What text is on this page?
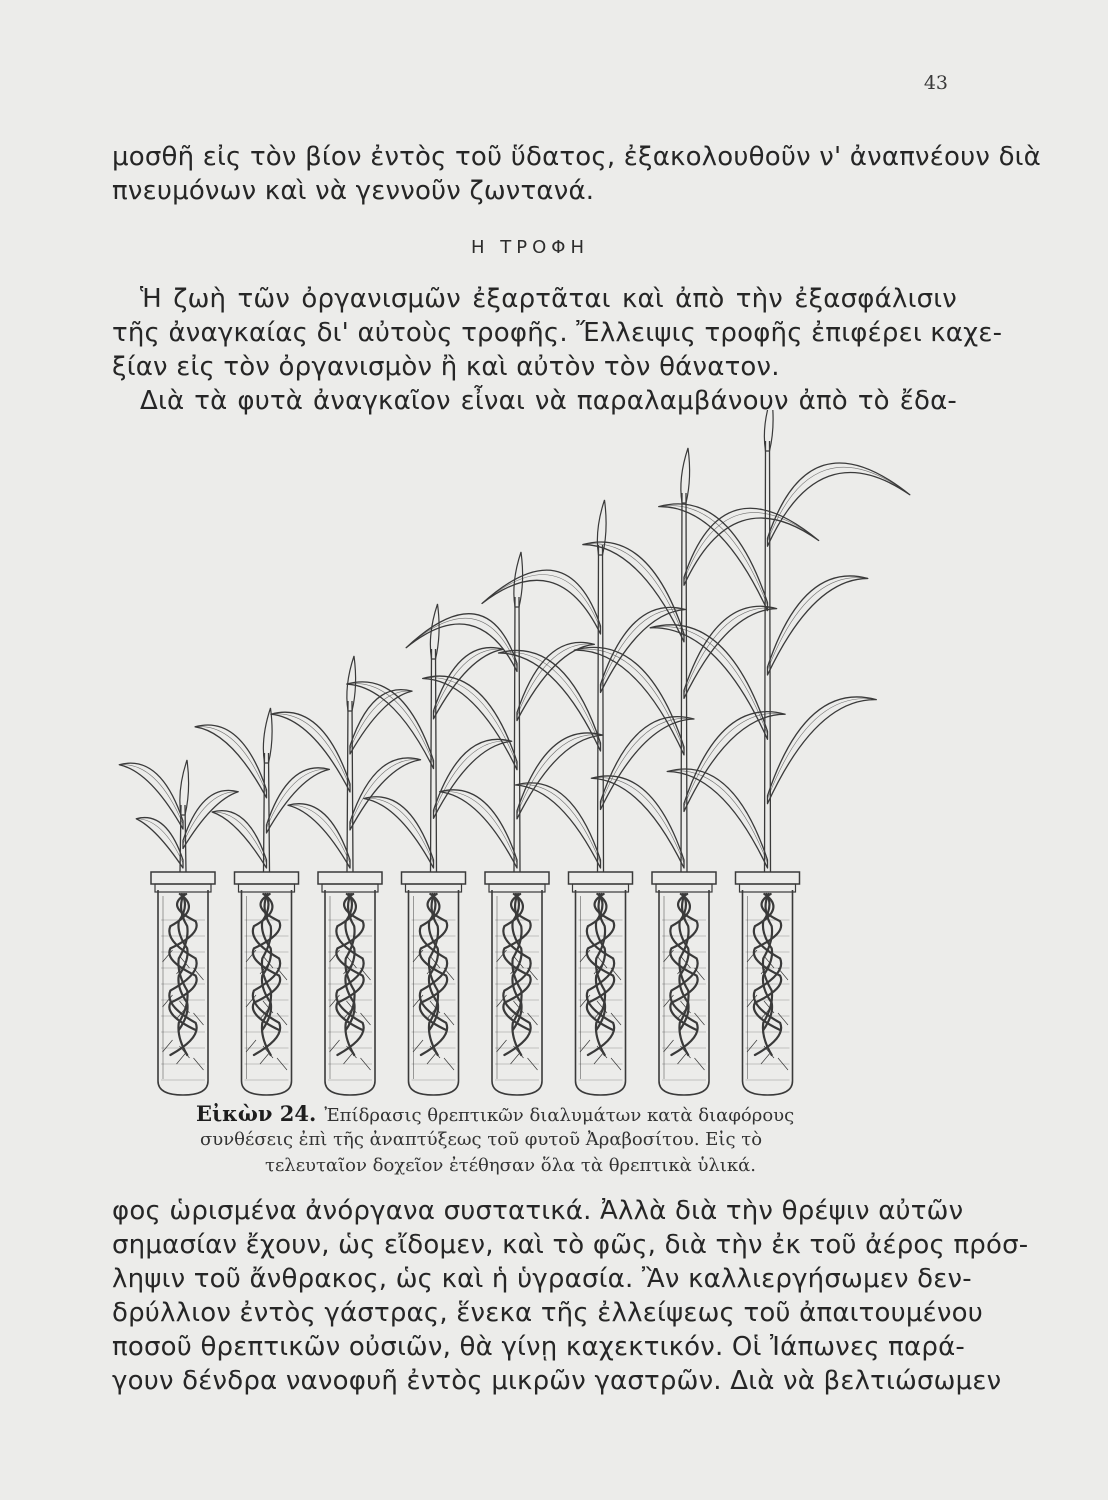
43
μοσθῆ εἰς τὸν βίον ἐντὸς τοῦ ὕδατος, ἐξακολουθοῦν ν' ἀναπνέουν διὰ
πνευμόνων καὶ νὰ γεννοῦν ζωντανά.
Η ΤΡΟΦΗ
Ἡ ζωὴ τῶν ὀργανισμῶν ἐξαρτᾶται καὶ ἀπὸ τὴν ἐξασφάλισιν
τῆς ἀναγκαίας δι' αὐτοὺς τροφῆς. Ἔλλειψις τροφῆς ἐπιφέρει καχε-
ξίαν εἰς τὸν ὀργανισμὸν ἢ καὶ αὐτὸν τὸν θάνατον.
Διὰ τὰ φυτὰ ἀναγκαῖον εἶναι νὰ παραλαμβάνουν ἀπὸ τὸ ἔδα-
Εἰκὼν 24. Ἐπίδρασις θρεπτικῶν διαλυμάτων κατὰ διαφόρους
συνθέσεις ἐπὶ τῆς ἀναπτύξεως τοῦ φυτοῦ Ἀραβοσίτου. Εἰς τὸ
τελευταῖον δοχεῖον ἐτέθησαν ὅλα τὰ θρεπτικὰ ὑλικά.
φος ὡρισμένα ἀνόργανα συστατικά. Ἀλλὰ διὰ τὴν θρέψιν αὐτῶν
σημασίαν ἔχουν, ὡς εἴδομεν, καὶ τὸ φῶς, διὰ τὴν ἐκ τοῦ ἀέρος πρόσ-
ληψιν τοῦ ἄνθρακος, ὡς καὶ ἡ ὑγρασία. Ἂν καλλιεργήσωμεν δεν-
δρύλλιον ἐντὸς γάστρας, ἕνεκα τῆς ἐλλείψεως τοῦ ἀπαιτουμένου
ποσοῦ θρεπτικῶν οὐσιῶν, θὰ γίνῃ καχεκτικόν. Οἱ Ἰάπωνες παρά-
γουν δένδρα νανοφυῆ ἐντὸς μικρῶν γαστρῶν. Διὰ νὰ βελτιώσωμεν
